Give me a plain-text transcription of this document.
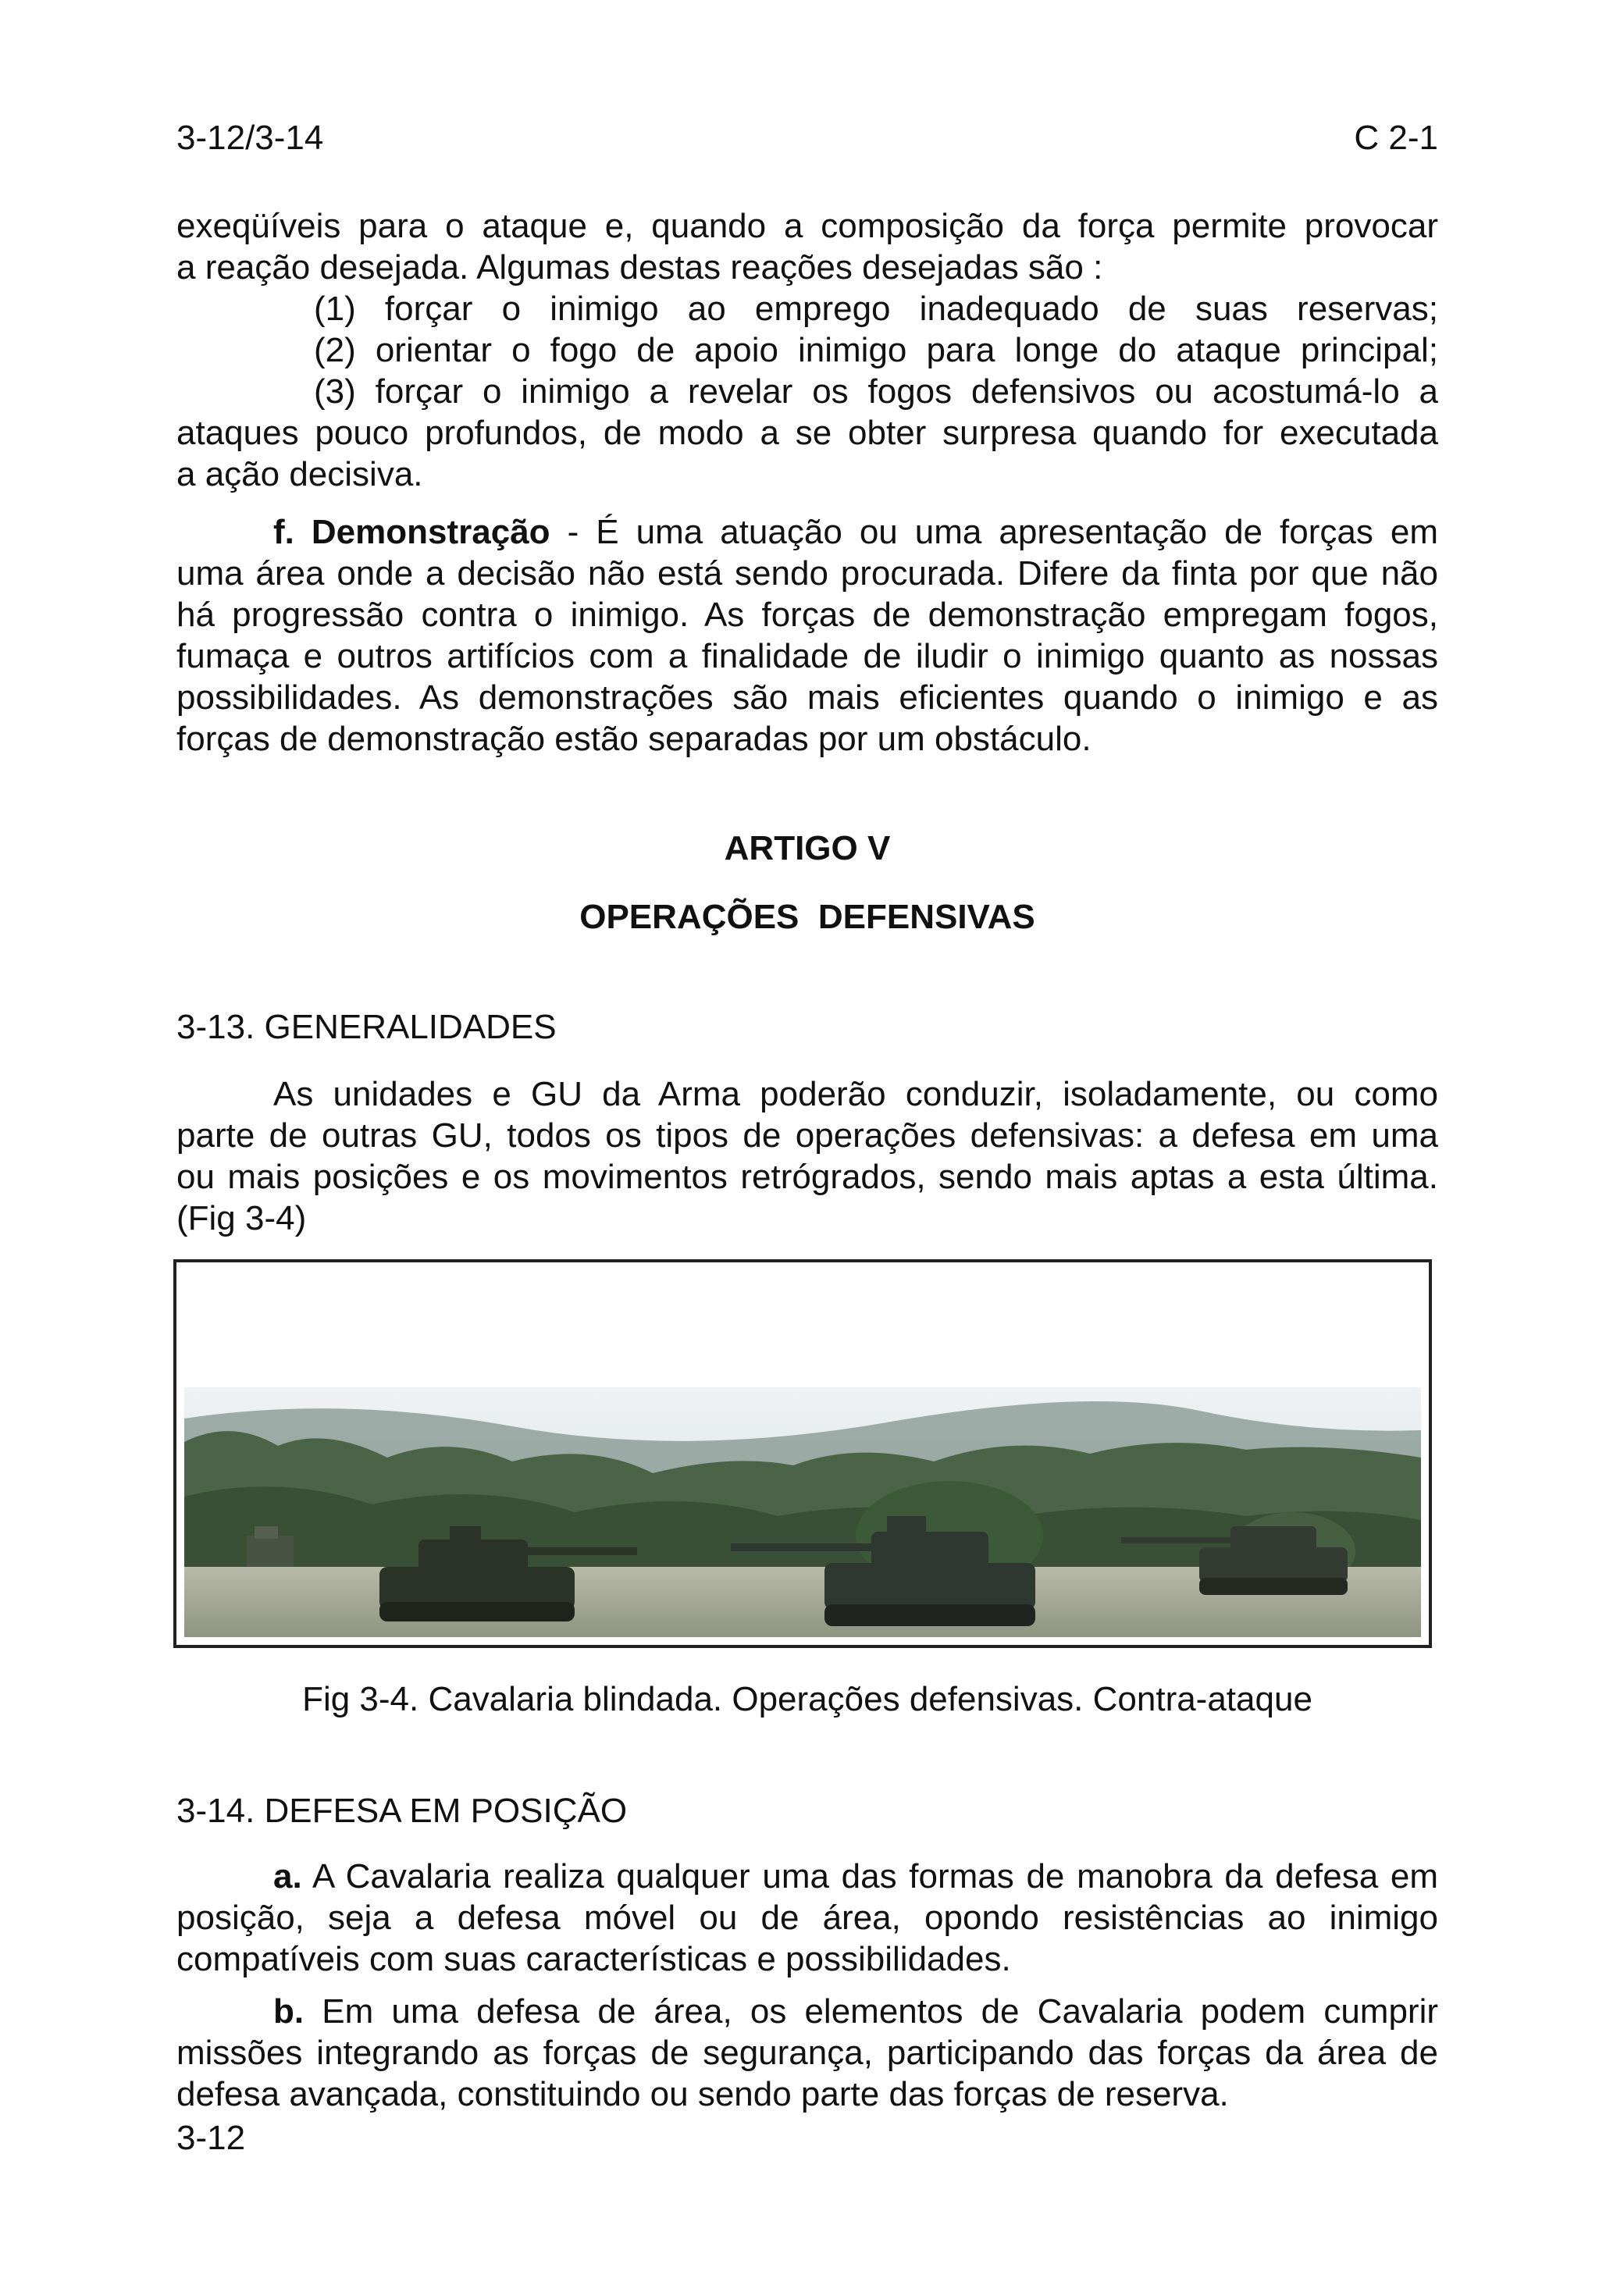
3-12/3-14	C 2-1
exeqüíveis para o ataque e, quando a composição da força permite provocar
a reação desejada. Algumas destas reações desejadas são :
(1) forçar o inimigo ao emprego inadequado de suas reservas;
(2) orientar o fogo de apoio inimigo para longe do ataque principal;
(3) forçar o inimigo a revelar os fogos defensivos ou acostumá-lo a
ataques pouco profundos, de modo a se obter surpresa quando for executada
a ação decisiva.
f. Demonstração - É uma atuação ou uma apresentação de forças em
uma área onde a decisão não está sendo procurada. Difere da finta por que não
há progressão contra o inimigo. As forças de demonstração empregam fogos,
fumaça e outros artifícios com a finalidade de iludir o inimigo quanto as nossas
possibilidades. As demonstrações são mais eficientes quando o inimigo e as
forças de demonstração estão separadas por um obstáculo.
ARTIGO V
OPERAÇÕES  DEFENSIVAS
3-13. GENERALIDADES
As unidades e GU da Arma poderão conduzir, isoladamente, ou como
parte de outras GU, todos os tipos de operações defensivas: a defesa em uma
ou mais posições e os movimentos retrógrados, sendo mais aptas a esta última.
(Fig 3-4)
Fig 3-4. Cavalaria blindada. Operações defensivas. Contra-ataque
3-14. DEFESA EM POSIÇÃO
a. A Cavalaria realiza qualquer uma das formas de manobra da defesa em
posição, seja a defesa móvel ou de área, opondo resistências ao inimigo
compatíveis com suas características e possibilidades.
b. Em uma defesa de área, os elementos de Cavalaria podem cumprir
missões integrando as forças de segurança, participando das forças da área de
defesa avançada, constituindo ou sendo parte das forças de reserva.
3-12
